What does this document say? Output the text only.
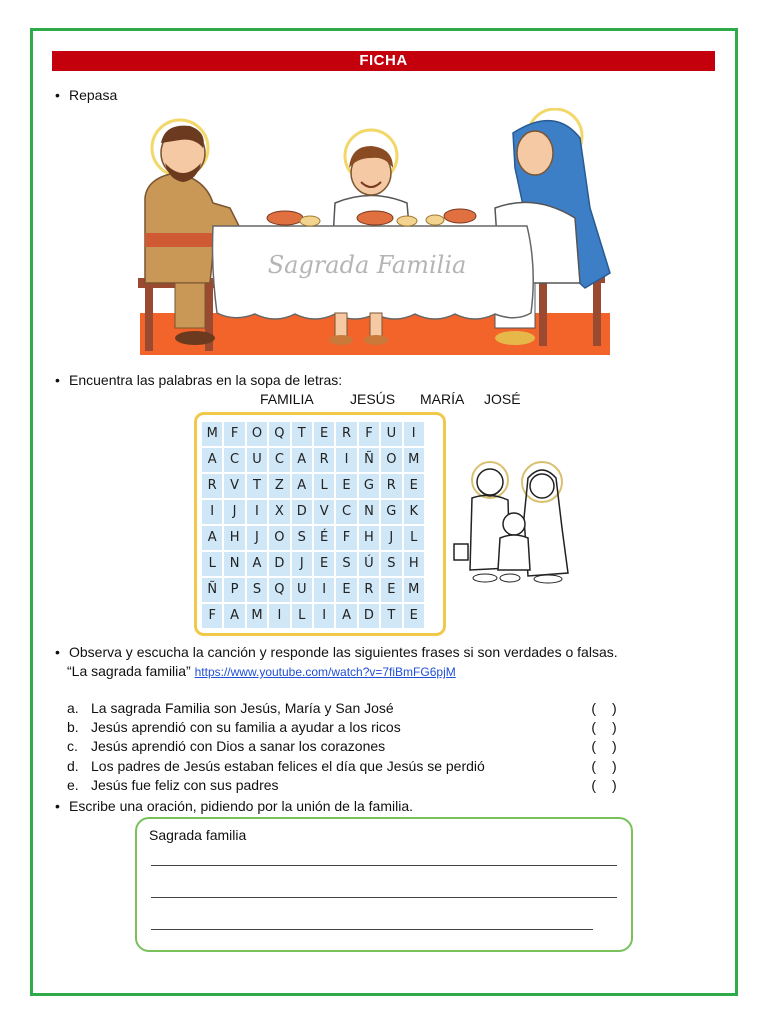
FICHA
• Repasa
Sagrada Familia
• Encuentra las palabras en la sopa de letras:
FAMILIA	JESÚS MARÍA JOSÉ
M	F	O Q	T	E	R	F	U	I
A	C	U	C	A	R	I	Ñ O M
R	V	T	Z	A	L	E	G R	E
I	J	I	X D V	C N G	K
A	H	J	O	S	É	F	H	J	L
L	N	A D	J	E	S	Ú	S	H
Ñ	P	S	Q U	I	E	R	E M
F	A M	I	L	I	A D	T	E
• Observa y escucha la canción y responde las siguientes frases si son verdades o falsas.
“La sagrada familia” https://www.youtube.com/watch?v=7fiBmFG6pjM
a. La sagrada Familia son Jesús, María y San José	( )
b. Jesús aprendió con su familia a ayudar a los ricos	( )
c. Jesús aprendió con Dios a sanar los corazones	( )
d. Los padres de Jesús estaban felices el día que Jesús se perdió	( )
e. Jesús fue feliz con sus padres	( )
• Escribe una oración, pidiendo por la unión de la familia.
Sagrada familia
